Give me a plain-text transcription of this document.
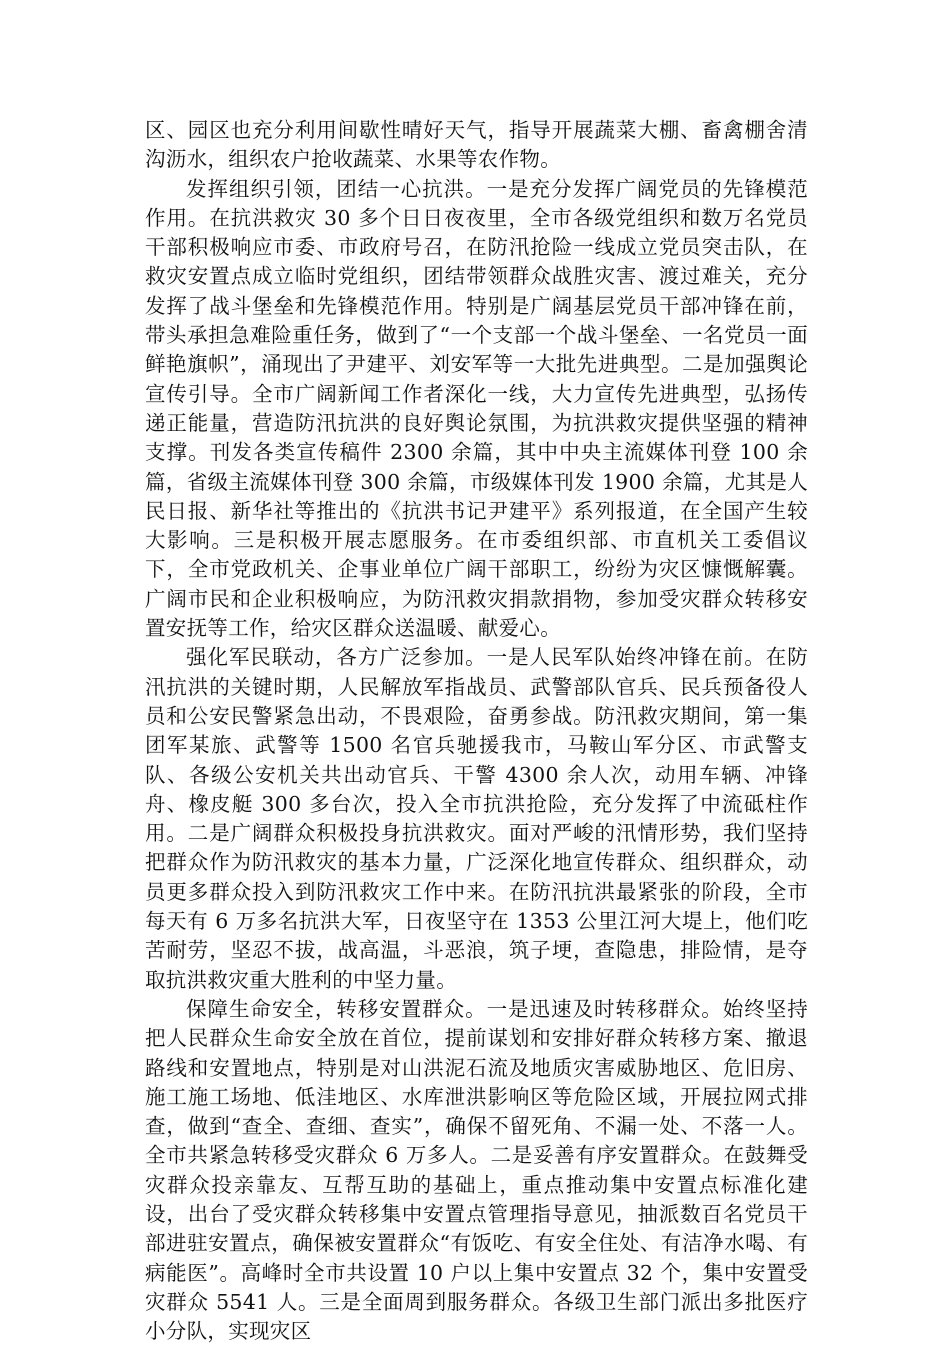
区、园区也充分利用间歇性晴好天气，指导开展蔬菜大棚、畜禽棚舍清沟沥水，组织农户抢收蔬菜、水果等农作物。

发挥组织引领，团结一心抗洪。一是充分发挥广阔党员的先锋模范作用。在抗洪救灾 30 多个日日夜夜里，全市各级党组织和数万名党员干部积极响应市委、市政府号召，在防汛抢险一线成立党员突击队，在救灾安置点成立临时党组织，团结带领群众战胜灾害、渡过难关，充分发挥了战斗堡垒和先锋模范作用。特别是广阔基层党员干部冲锋在前，带头承担急难险重任务，做到了“一个支部一个战斗堡垒、一名党员一面鲜艳旗帜”，涌现出了尹建平、刘安军等一大批先进典型。二是加强舆论宣传引导。全市广阔新闻工作者深化一线，大力宣传先进典型，弘扬传递正能量，营造防汛抗洪的良好舆论氛围，为抗洪救灾提供坚强的精神支撑。刊发各类宣传稿件 2300 余篇，其中中央主流媒体刊登 100 余篇，省级主流媒体刊登 300 余篇，市级媒体刊发 1900 余篇，尤其是人民日报、新华社等推出的《抗洪书记尹建平》系列报道，在全国产生较大影响。三是积极开展志愿服务。在市委组织部、市直机关工委倡议下，全市党政机关、企事业单位广阔干部职工，纷纷为灾区慷慨解囊。广阔市民和企业积极响应，为防汛救灾捐款捐物，参加受灾群众转移安置安抚等工作，给灾区群众送温暖、献爱心。

强化军民联动，各方广泛参加。一是人民军队始终冲锋在前。在防汛抗洪的关键时期，人民解放军指战员、武警部队官兵、民兵预备役人员和公安民警紧急出动，不畏艰险，奋勇参战。防汛救灾期间，第一集团军某旅、武警等 1500 名官兵驰援我市，马鞍山军分区、市武警支队、各级公安机关共出动官兵、干警 4300 余人次，动用车辆、冲锋舟、橡皮艇 300 多台次，投入全市抗洪抢险，充分发挥了中流砥柱作用。二是广阔群众积极投身抗洪救灾。面对严峻的汛情形势，我们坚持把群众作为防汛救灾的基本力量，广泛深化地宣传群众、组织群众，动员更多群众投入到防汛救灾工作中来。在防汛抗洪最紧张的阶段，全市每天有 6 万多名抗洪大军，日夜坚守在 1353 公里江河大堤上，他们吃苦耐劳，坚忍不拔，战高温，斗恶浪，筑子埂，查隐患，排险情，是夺取抗洪救灾重大胜利的中坚力量。

保障生命安全，转移安置群众。一是迅速及时转移群众。始终坚持把人民群众生命安全放在首位，提前谋划和安排好群众转移方案、撤退路线和安置地点，特别是对山洪泥石流及地质灾害威胁地区、危旧房、施工施工场地、低洼地区、水库泄洪影响区等危险区域，开展拉网式排查，做到“查全、查细、查实”，确保不留死角、不漏一处、不落一人。全市共紧急转移受灾群众 6 万多人。二是妥善有序安置群众。在鼓舞受灾群众投亲靠友、互帮互助的基础上，重点推动集中安置点标准化建设，出台了受灾群众转移集中安置点管理指导意见，抽派数百名党员干部进驻安置点，确保被安置群众“有饭吃、有安全住处、有洁净水喝、有病能医”。高峰时全市共设置 10 户以上集中安置点 32 个，集中安置受灾群众 5541 人。三是全面周到服务群众。各级卫生部门派出多批医疗小分队，实现灾区
